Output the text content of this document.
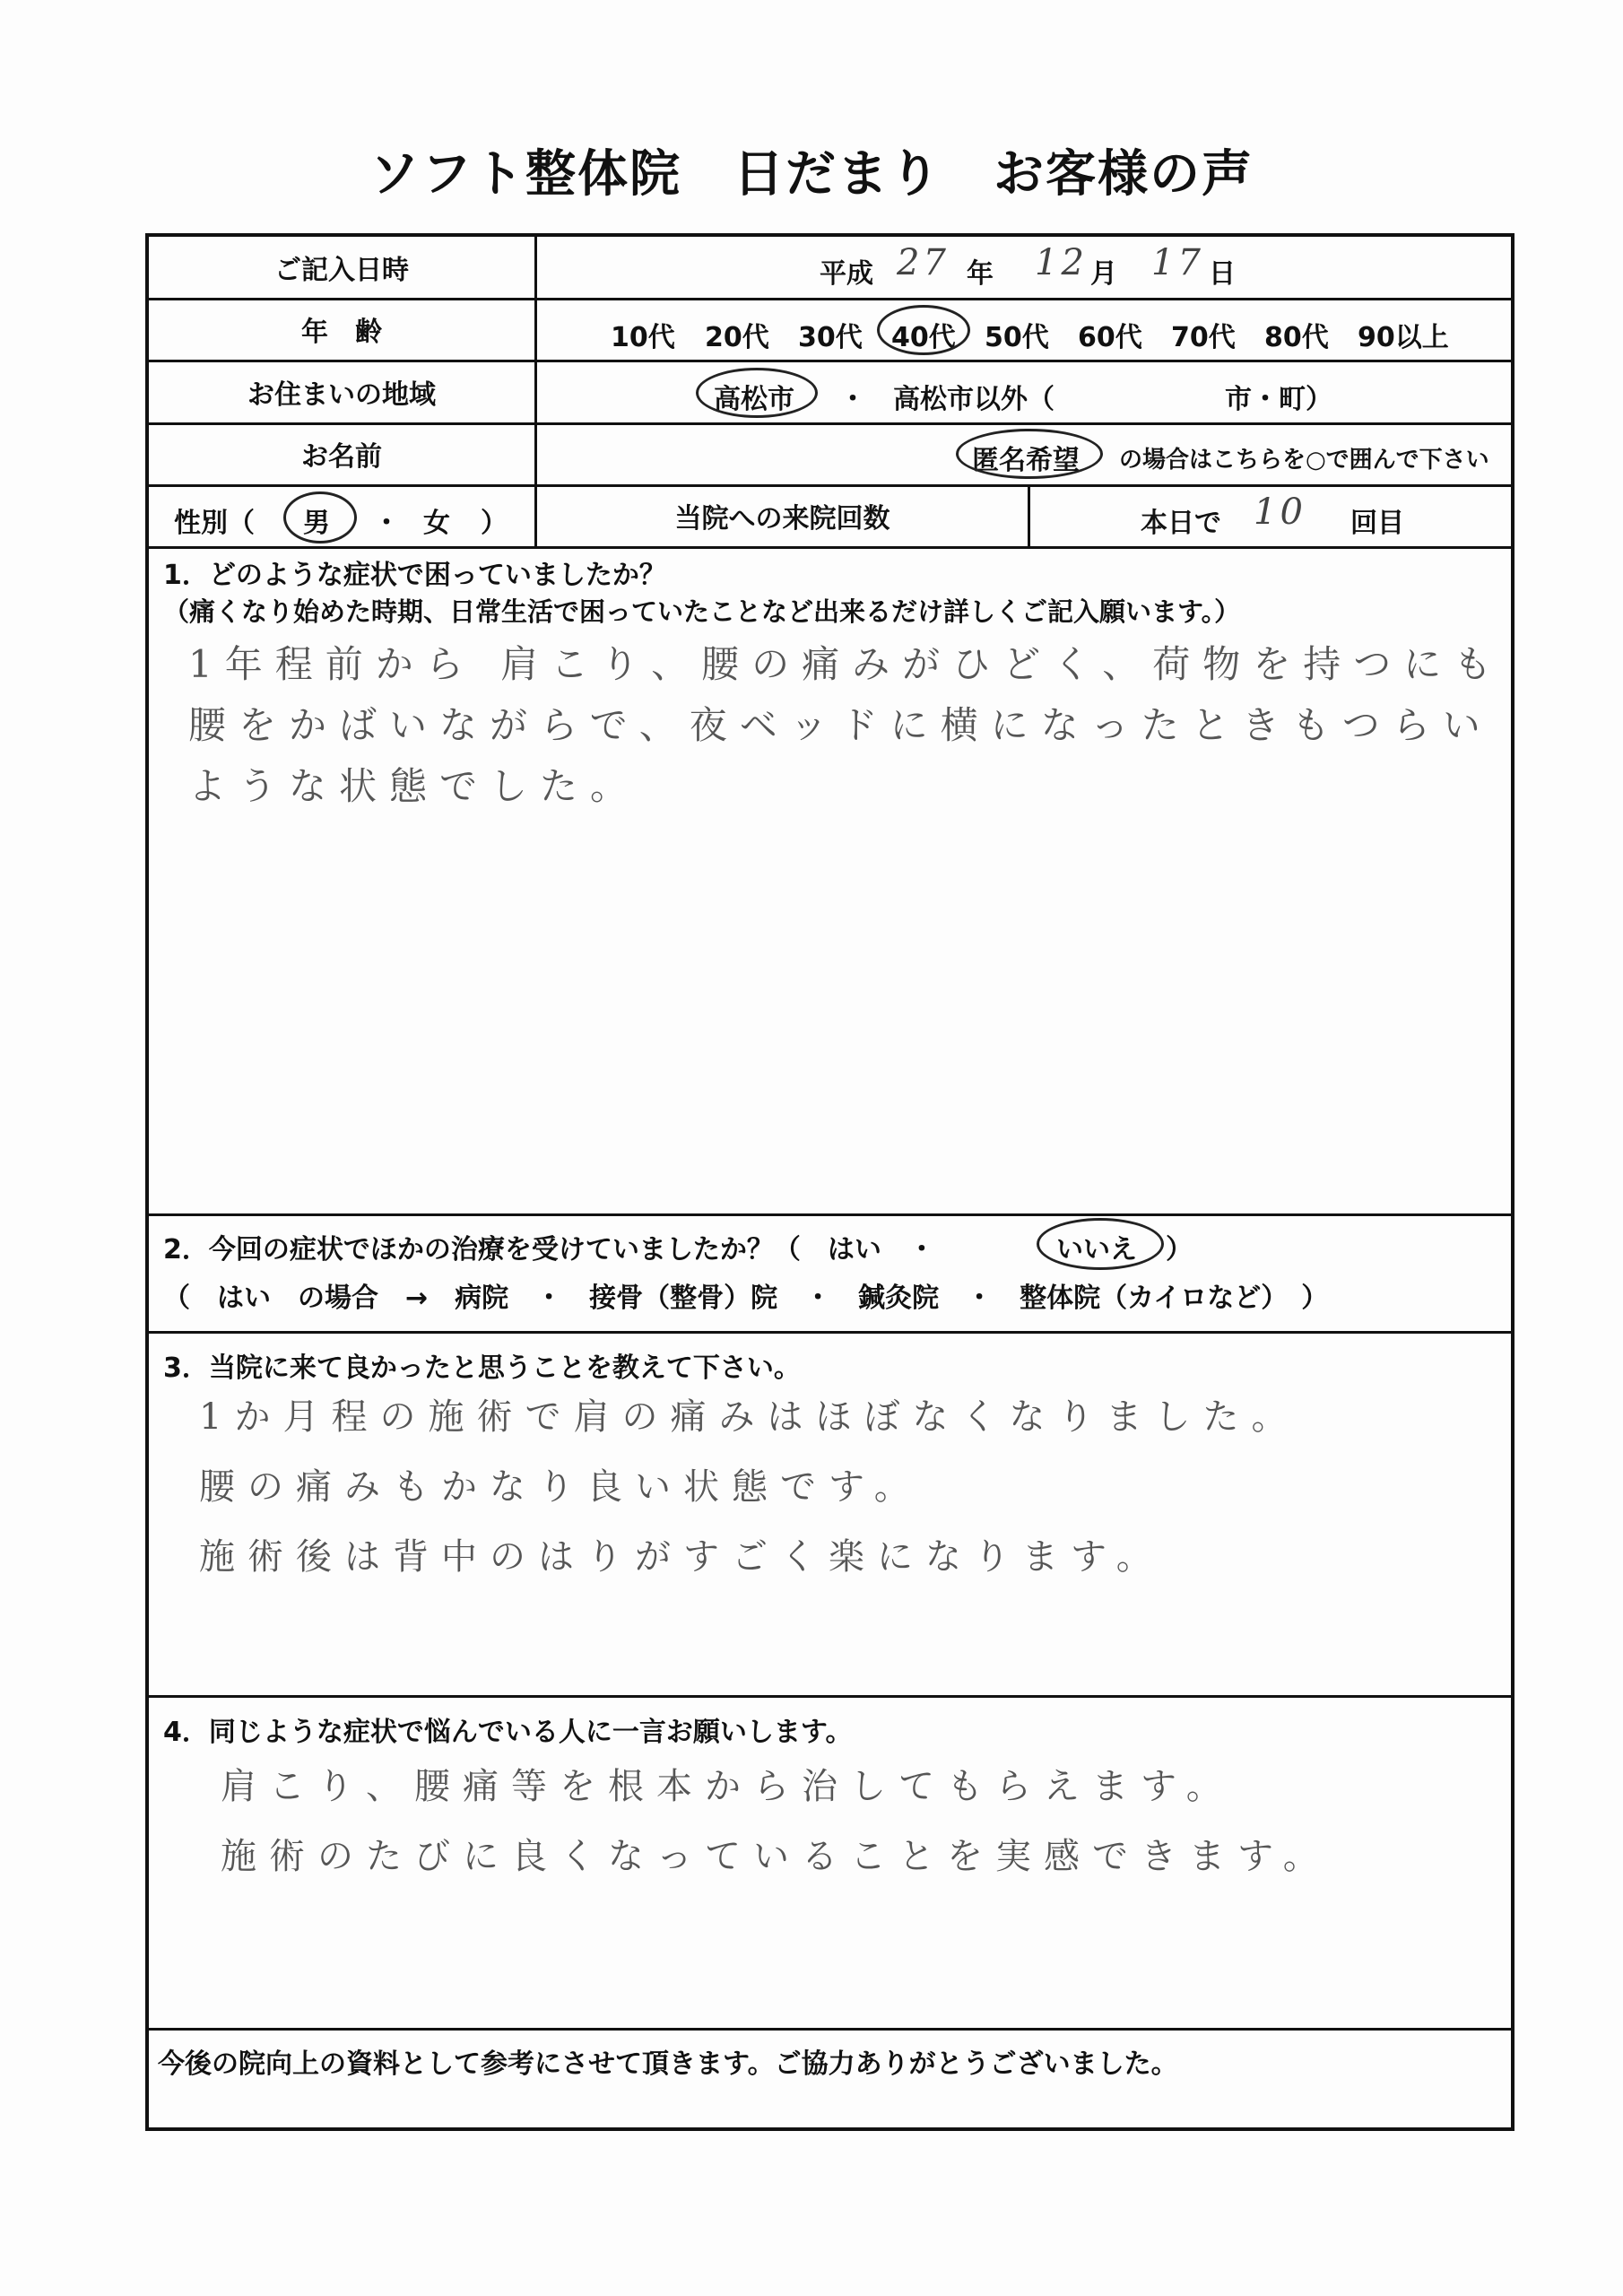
ソフト整体院　日だまり　お客様の声
ご記入日時	平成 27 年 12 月 17 日
年　齢	10代 20代 30代 40代 50代 60代 70代 80代 90以上
お住まいの地域	高松市 ・ 高松市以外（	市・町）
お名前	匿名希望 の場合はこちらを○で囲んで下さい
性別（ 男 ・ 女 ）	当院への来院回数	本日で 10 回目
1．どのような症状で困っていましたか？
（痛くなり始めた時期、日常生活で困っていたことなど出来るだけ詳しくご記入願います。）
1年程前から 肩こり、腰の痛みがひどく、荷物を持つにも
腰をかばいながらで、夜ベッドに横になったときもつらい
ような状態でした。
2．今回の症状でほかの治療を受けていましたか？（　はい　・	いいえ ）
（　はい　の場合　→　病院　・　接骨（整骨）院　・　鍼灸院　・　整体院（カイロなど）　）
3．当院に来て良かったと思うことを教えて下さい。
1か月程の施術で肩の痛みはほぼなくなりました。
腰の痛みもかなり良い状態です。
施術後は背中のはりがすごく楽になります。
4．同じような症状で悩んでいる人に一言お願いします。
肩こり、腰痛等を根本から治してもらえます。
施術のたびに良くなっていることを実感できます。
今後の院向上の資料として参考にさせて頂きます。ご協力ありがとうございました。
